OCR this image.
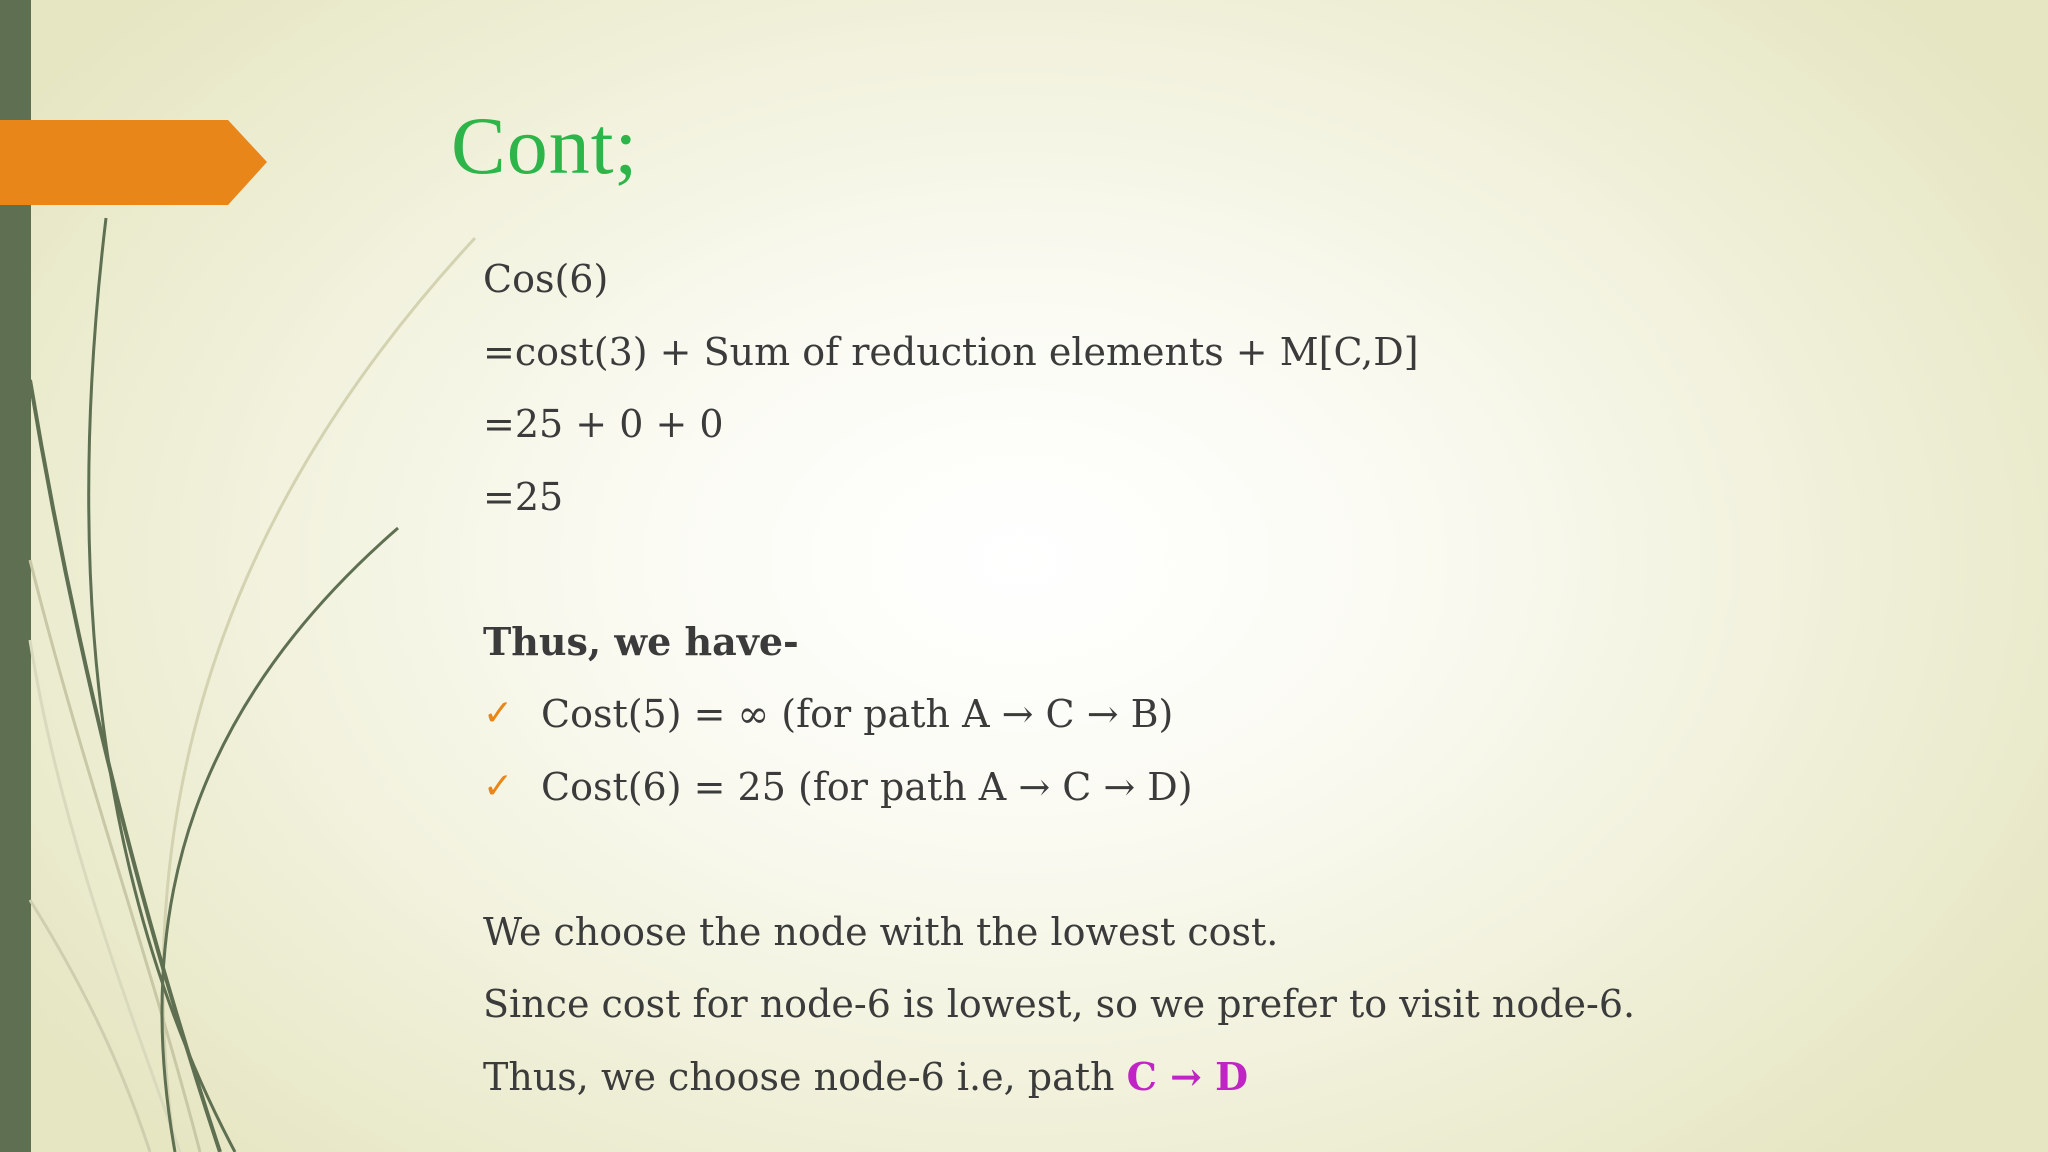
Cont;
Cos(6)
=cost(3) + Sum of reduction elements + M[C,D]
=25 + 0 + 0
=25
Thus, we have-
✓ Cost(5) = ∞ (for path A → C → B)
✓ Cost(6) = 25 (for path A → C → D)
We choose the node with the lowest cost.
Since cost for node-6 is lowest, so we prefer to visit node-6.
Thus, we choose node-6 i.e, path C → D
